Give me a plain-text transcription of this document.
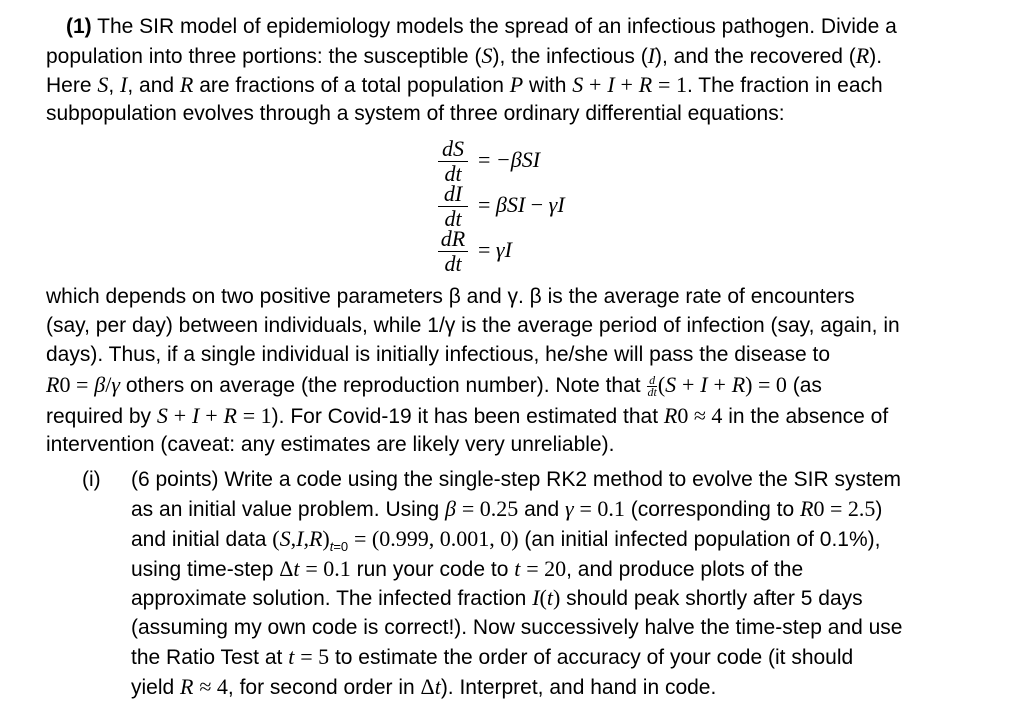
(1) The SIR model of epidemiology models the spread of an infectious pathogen. Divide a
population into three portions: the susceptible (S), the infectious (I), and the recovered (R).
Here S, I, and R are fractions of a total population P with S + I + R = 1. The fraction in each
subpopulation evolves through a system of three ordinary differential equations:
$\frac{dS}{dt} = -\beta SI$
$\frac{dI}{dt} = \beta SI - \gamma I$
$\frac{dR}{dt} = \gamma I$
which depends on two positive parameters β and γ. β is the average rate of encounters
(say, per day) between individuals, while 1/γ is the average period of infection (say, again, in
days). Thus, if a single individual is initially infectious, he/she will pass the disease to
R0 = β/γ others on average (the reproduction number). Note that $\frac{d}{dt} (S + I + R) = 0$ (as
required by S + I + R = 1). For Covid-19 it has been estimated that R0 ≈ 4 in the absence of
intervention (caveat: any estimates are likely very unreliable).
(i) (6 points) Write a code using the single-step RK2 method to evolve the SIR system
as an initial value problem. Using β = 0.25 and γ = 0.1 (corresponding to R0 = 2.5)
and initial data $(S,I,R)_{t=0} = (0.999$, 0.001, 0) (an initial infected population of 0.1%),
using time-step Δt = 0.1 run your code to t = 20, and produce plots of the
approximate solution. The infected fraction I(t) should peak shortly after 5 days
(assuming my own code is correct!). Now successively halve the time-step and use
the Ratio Test at t = 5 to estimate the order of accuracy of your code (it should
yield R ≈ 4, for second order in Δt). Interpret, and hand in code.
